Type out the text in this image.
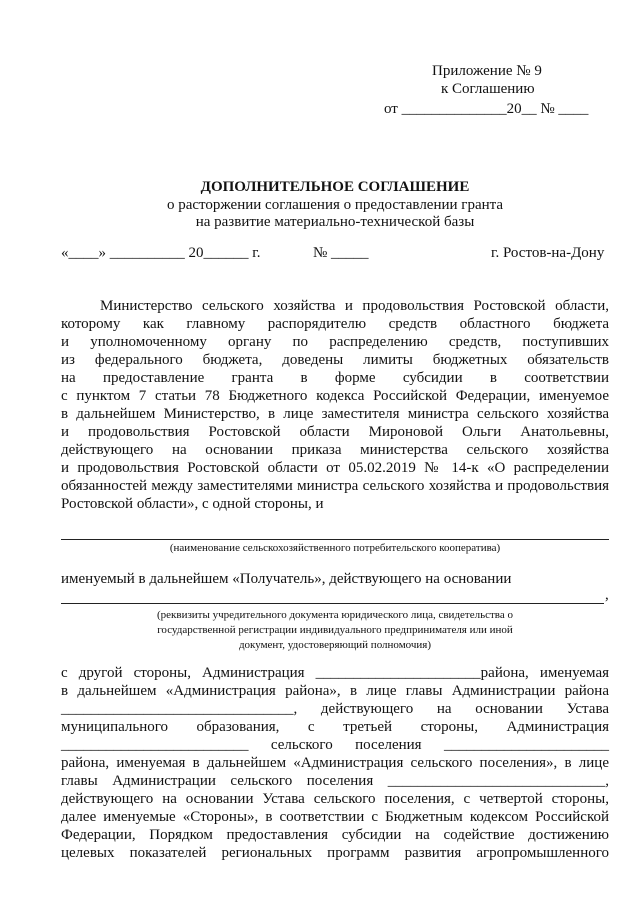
Приложение № 9
к Соглашению
от ______________20__ № ____
ДОПОЛНИТЕЛЬНОЕ СОГЛАШЕНИЕ
о расторжении соглашения о предоставлении гранта
на развитие материально-технической базы
«____» __________ 20______ г.	№ _____	г. Ростов-на-Дону
Министерство сельского хозяйства и продовольствия Ростовской области,
которому как главному распорядителю средств областного бюджета
и уполномоченному органу по распределению средств, поступивших
из федерального бюджета, доведены лимиты бюджетных обязательств
на предоставление гранта в форме субсидии в соответствии
с пунктом 7 статьи 78 Бюджетного кодекса Российской Федерации, именуемое
в дальнейшем Министерство, в лице заместителя министра сельского хозяйства
и продовольствия Ростовской области Мироновой Ольги Анатольевны,
действующего на основании приказа министерства сельского хозяйства
и продовольствия Ростовской области от 05.02.2019 № 14-к «О распределении
обязанностей между заместителями министра сельского хозяйства и продовольствия
Ростовской области», с одной стороны, и
(наименование сельскохозяйственного потребительского кооператива)
именуемый в дальнейшем «Получатель», действующего на основании
,
(реквизиты учредительного документа юридического лица, свидетельства о
государственной регистрации индивидуального предпринимателя или иной
документ, удостоверяющий полномочия)
с другой стороны, Администрация ______________________района, именуемая
в дальнейшем «Администрация района», в лице главы Администрации района
_______________________________, действующего на основании Устава
муниципального образования, с третьей стороны, Администрация
_________________________ сельского поселения ______________________
района, именуемая в дальнейшем «Администрация сельского поселения», в лице
главы Администрации сельского поселения _____________________________,
действующего на основании Устава сельского поселения, с четвертой стороны,
далее именуемые «Стороны», в соответствии с Бюджетным кодексом Российской
Федерации, Порядком предоставления субсидии на содействие достижению
целевых показателей региональных программ развития агропромышленного
